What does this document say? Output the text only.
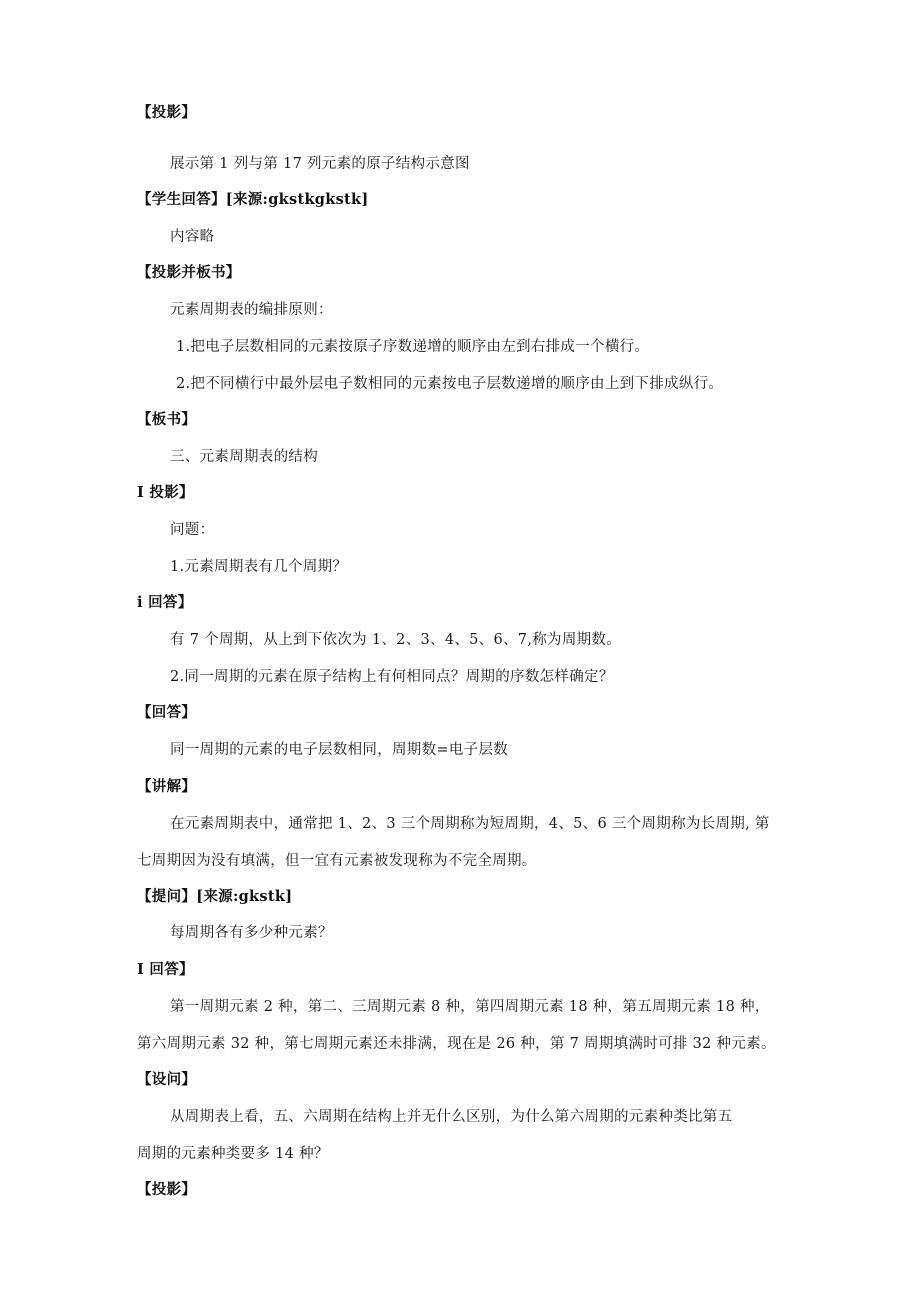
【投影】
展示第 1 列与第 17 列元素的原子结构示意图
【学生回答】[来源:gkstkgkstk]
内容略
【投影并板书】
元素周期表的编排原则：
1.把电子层数相同的元素按原子序数递增的顺序由左到右排成一个横行。
2.把不同横行中最外层电子数相同的元素按电子层数递增的顺序由上到下排成纵行。
【板书】
三、元素周期表的结构
I 投影】
问题：
1.元素周期表有几个周期？
i 回答】
有 7 个周期，从上到下依次为 1、2、3、4、5、6、7,称为周期数。
2.同一周期的元素在原子结构上有何相同点？周期的序数怎样确定？
【回答】
同一周期的元素的电子层数相同，周期数=电子层数
【讲解】
在元素周期表中，通常把 1、2、3 三个周期称为短周期，4、5、6 三个周期称为长周期, 第
七周期因为没有填满，但一宜有元素被发现称为不完全周期。
【提问】[来源:gkstk]
每周期各有多少种元素？
I 回答】
第一周期元素 2 种，第二、三周期元素 8 种，第四周期元素 18 种，第五周期元素 18 种，
第六周期元素 32 种，第七周期元素还未排满，现在是 26 种，第 7 周期填满时可排 32 种元素。
【设问】
从周期表上看，五、六周期在结构上并无什么区别，为什么第六周期的元素种类比第五
周期的元素种类要多 14 种？
【投影】
